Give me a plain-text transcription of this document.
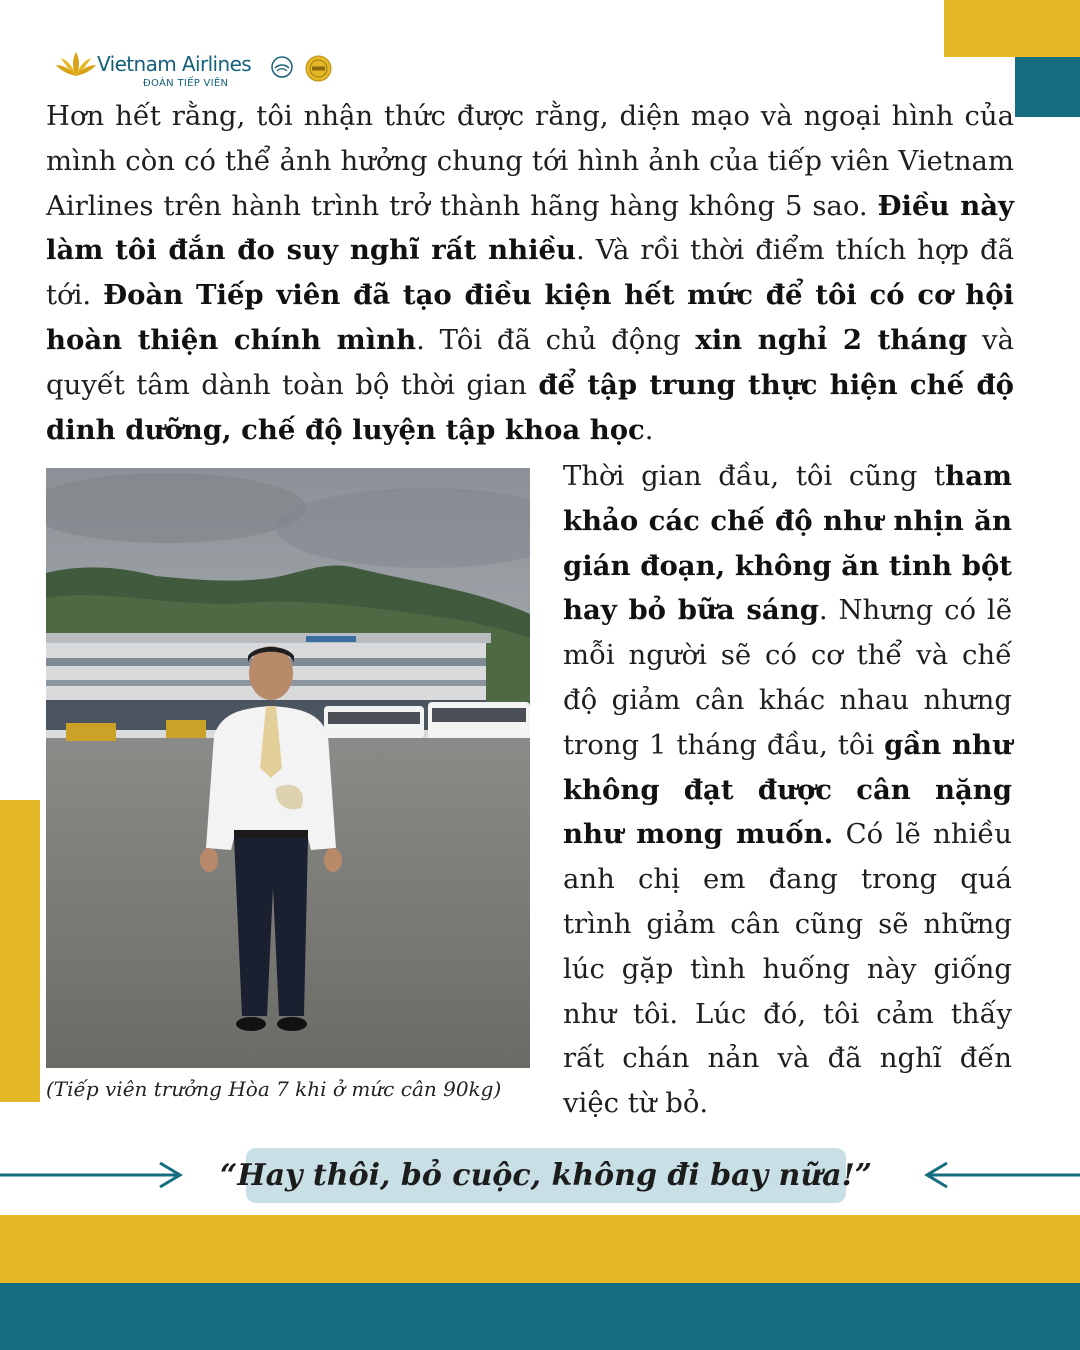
Vietnam Airlines
ĐOÀN TIẾP VIÊN

Hơn hết rằng, tôi nhận thức được rằng, diện mạo và ngoại hình của mình còn có thể ảnh hưởng chung tới hình ảnh của tiếp viên Vietnam Airlines trên hành trình trở thành hãng hàng không 5 sao. Điều này làm tôi đắn đo suy nghĩ rất nhiều. Và rồi thời điểm thích hợp đã tới. Đoàn Tiếp viên đã tạo điều kiện hết mức để tôi có cơ hội hoàn thiện chính mình. Tôi đã chủ động xin nghỉ 2 tháng và quyết tâm dành toàn bộ thời gian để tập trung thực hiện chế độ dinh dưỡng, chế độ luyện tập khoa học.

(Tiếp viên trưởng Hòa 7 khi ở mức cân 90kg)

Thời gian đầu, tôi cũng tham khảo các chế độ như nhịn ăn gián đoạn, không ăn tinh bột hay bỏ bữa sáng. Nhưng có lẽ mỗi người sẽ có cơ thể và chế độ giảm cân khác nhau nhưng trong 1 tháng đầu, tôi gần như không đạt được cân nặng như mong muốn. Có lẽ nhiều anh chị em đang trong quá trình giảm cân cũng sẽ những lúc gặp tình huống này giống như tôi. Lúc đó, tôi cảm thấy rất chán nản và đã nghĩ đến việc từ bỏ.

“Hay thôi, bỏ cuộc, không đi bay nữa!”
